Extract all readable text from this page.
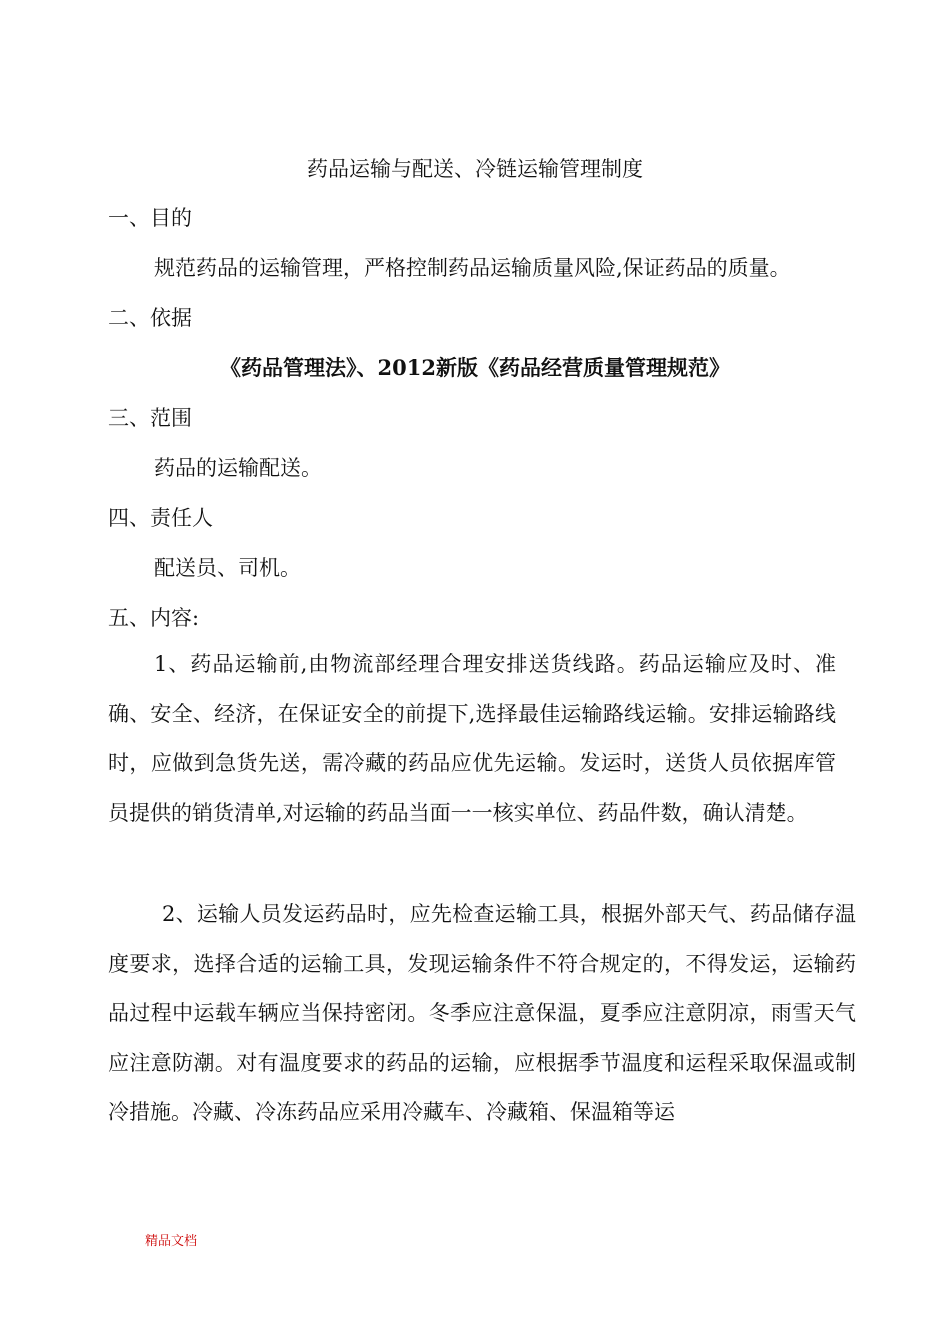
药品运输与配送、冷链运输管理制度
一、目的
规范药品的运输管理，严格控制药品运输质量风险,保证药品的质量。
二、依据
《药品管理法》、2012新版《药品经营质量管理规范》
三、范围
药品的运输配送。
四、责任人
配送员、司机。
五、内容:
1、药品运输前,由物流部经理合理安排送货线路。药品运输应及时、准确、安全、经济，在保证安全的前提下,选择最佳运输路线运输。安排运输路线时，应做到急货先送，需冷藏的药品应优先运输。发运时，送货人员依据库管员提供的销货清单,对运输的药品当面一一核实单位、药品件数，确认清楚。
2、运输人员发运药品时，应先检查运输工具，根据外部天气、药品储存温度要求，选择合适的运输工具，发现运输条件不符合规定的，不得发运，运输药品过程中运载车辆应当保持密闭。冬季应注意保温，夏季应注意阴凉，雨雪天气应注意防潮。对有温度要求的药品的运输，应根据季节温度和运程采取保温或制冷措施。冷藏、冷冻药品应采用冷藏车、冷藏箱、保温箱等运
精品文档
